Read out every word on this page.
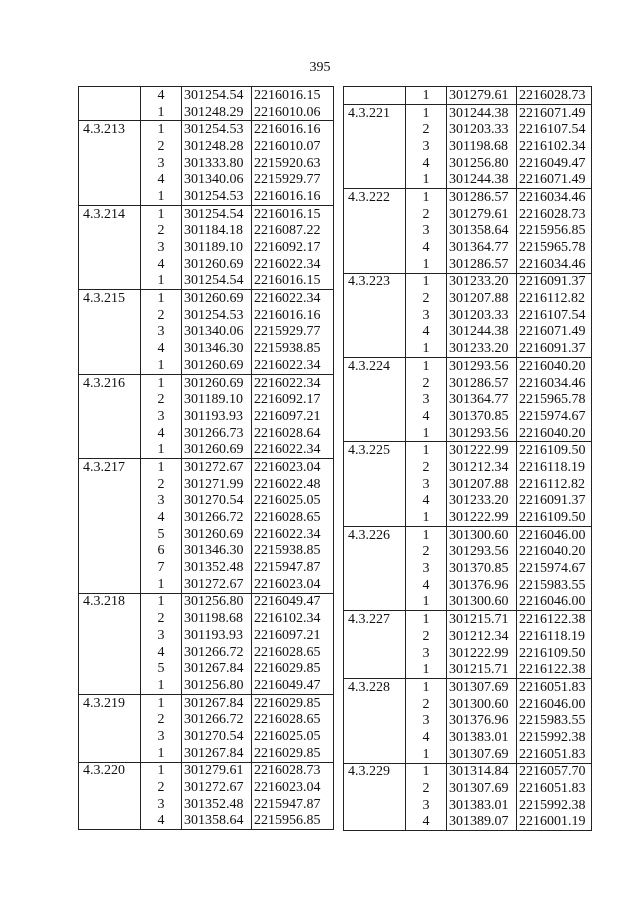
395
	4	301254.54	2216016.15
	1	301248.29	2216010.06
4.3.213	1	301254.53	2216016.16
	2	301248.28	2216010.07
	3	301333.80	2215920.63
	4	301340.06	2215929.77
	1	301254.53	2216016.16
4.3.214	1	301254.54	2216016.15
	2	301184.18	2216087.22
	3	301189.10	2216092.17
	4	301260.69	2216022.34
	1	301254.54	2216016.15
4.3.215	1	301260.69	2216022.34
	2	301254.53	2216016.16
	3	301340.06	2215929.77
	4	301346.30	2215938.85
	1	301260.69	2216022.34
4.3.216	1	301260.69	2216022.34
	2	301189.10	2216092.17
	3	301193.93	2216097.21
	4	301266.73	2216028.64
	1	301260.69	2216022.34
4.3.217	1	301272.67	2216023.04
	2	301271.99	2216022.48
	3	301270.54	2216025.05
	4	301266.72	2216028.65
	5	301260.69	2216022.34
	6	301346.30	2215938.85
	7	301352.48	2215947.87
	1	301272.67	2216023.04
4.3.218	1	301256.80	2216049.47
	2	301198.68	2216102.34
	3	301193.93	2216097.21
	4	301266.72	2216028.65
	5	301267.84	2216029.85
	1	301256.80	2216049.47
4.3.219	1	301267.84	2216029.85
	2	301266.72	2216028.65
	3	301270.54	2216025.05
	1	301267.84	2216029.85
4.3.220	1	301279.61	2216028.73
	2	301272.67	2216023.04
	3	301352.48	2215947.87
	4	301358.64	2215956.85
	1	301279.61	2216028.73
4.3.221	1	301244.38	2216071.49
	2	301203.33	2216107.54
	3	301198.68	2216102.34
	4	301256.80	2216049.47
	1	301244.38	2216071.49
4.3.222	1	301286.57	2216034.46
	2	301279.61	2216028.73
	3	301358.64	2215956.85
	4	301364.77	2215965.78
	1	301286.57	2216034.46
4.3.223	1	301233.20	2216091.37
	2	301207.88	2216112.82
	3	301203.33	2216107.54
	4	301244.38	2216071.49
	1	301233.20	2216091.37
4.3.224	1	301293.56	2216040.20
	2	301286.57	2216034.46
	3	301364.77	2215965.78
	4	301370.85	2215974.67
	1	301293.56	2216040.20
4.3.225	1	301222.99	2216109.50
	2	301212.34	2216118.19
	3	301207.88	2216112.82
	4	301233.20	2216091.37
	1	301222.99	2216109.50
4.3.226	1	301300.60	2216046.00
	2	301293.56	2216040.20
	3	301370.85	2215974.67
	4	301376.96	2215983.55
	1	301300.60	2216046.00
4.3.227	1	301215.71	2216122.38
	2	301212.34	2216118.19
	3	301222.99	2216109.50
	1	301215.71	2216122.38
4.3.228	1	301307.69	2216051.83
	2	301300.60	2216046.00
	3	301376.96	2215983.55
	4	301383.01	2215992.38
	1	301307.69	2216051.83
4.3.229	1	301314.84	2216057.70
	2	301307.69	2216051.83
	3	301383.01	2215992.38
	4	301389.07	2216001.19
